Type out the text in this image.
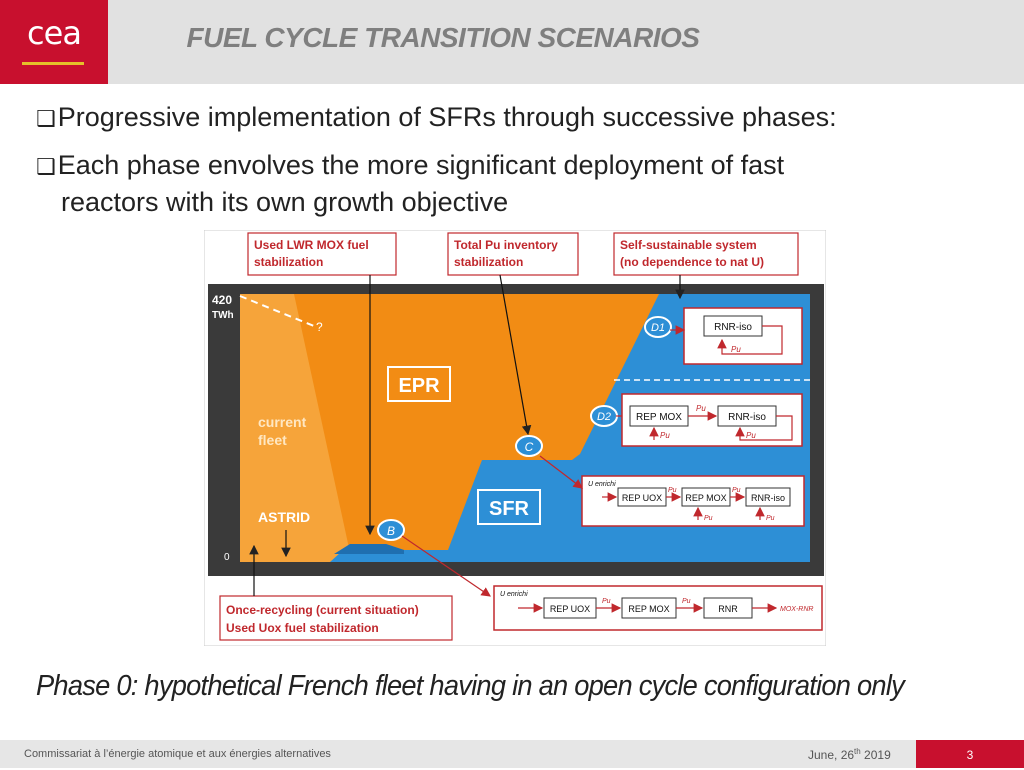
cea	FUEL CYCLE TRANSITION SCENARIOS
❑Progressive implementation of SFRs through successive phases:
❑Each phase envolves the more significant deployment of fast
reactors with its own growth objective
420
TWh
0
?
current
fleet
ASTRID
EPR
SFR
B
C
D1
D2
Used LWR MOX fuel
stabilization
Total Pu inventory
stabilization
Self-sustainable system
(no dependence to nat U)
Once-recycling (current situation)
Used Uox fuel stabilization
RNR-iso
Pu
REP MOX	RNR-iso
Pu
Pu	Pu
U enrichi
REP UOX	REP MOX	RNR-iso
Pu	Pu
Pu	Pu
U enrichi
REP UOX	REP MOX	RNR
Pu	Pu
MOX-RNR
Phase 0: hypothetical French fleet having in an open cycle configuration only
Commissariat à l’énergie atomique et aux énergies alternatives	June, 26th 2019	3
